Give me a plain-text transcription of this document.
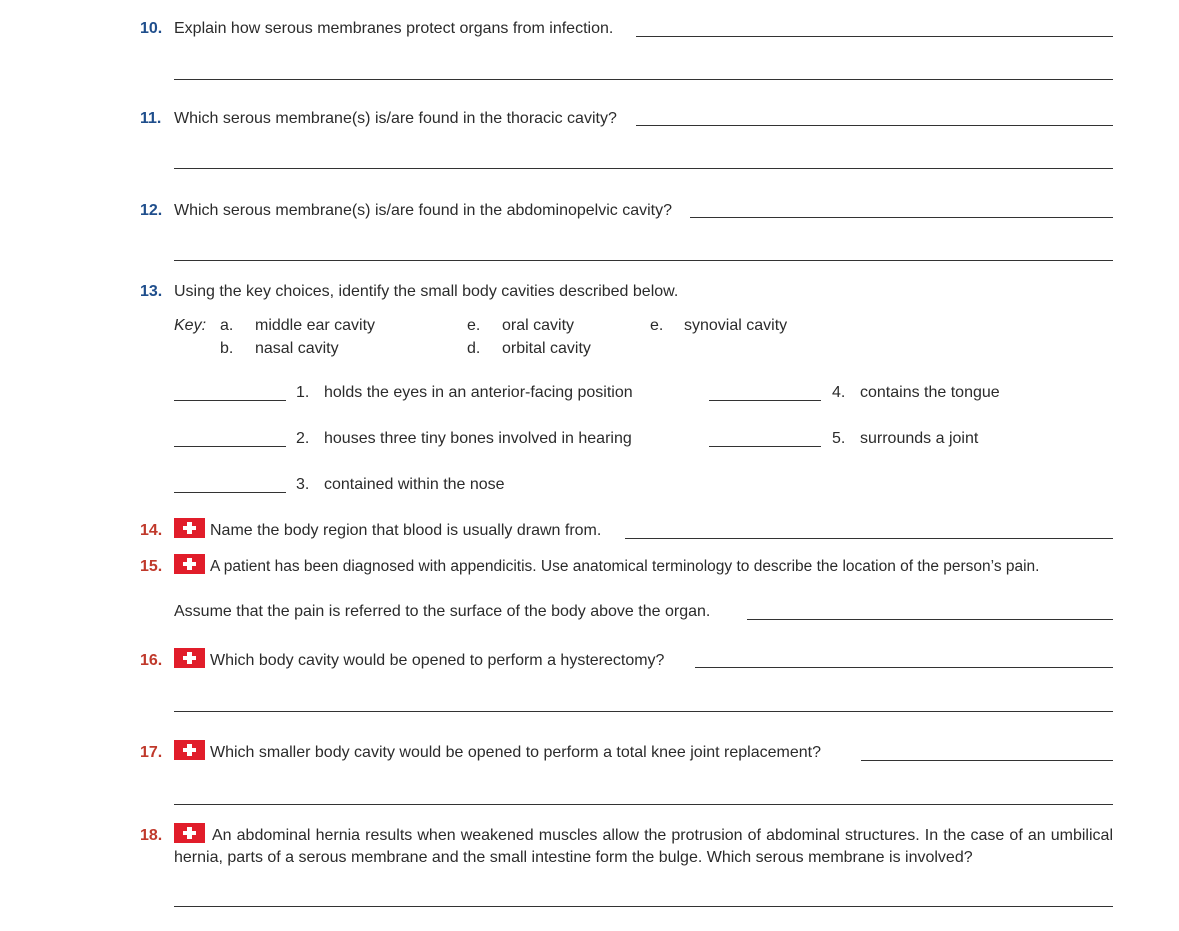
10. Explain how serous membranes protect organs from infection.
11. Which serous membrane(s) is/are found in the thoracic cavity?
12. Which serous membrane(s) is/are found in the abdominopelvic cavity?
13. Using the key choices, identify the small body cavities described below.
Key: a. middle ear cavity
b. nasal cavity
e. oral cavity
d. orbital cavity
e. synovial cavity
1. holds the eyes in an anterior-facing position
2. houses three tiny bones involved in hearing
3. contained within the nose
4. contains the tongue
5. surrounds a joint
14.	Name the body region that blood is usually drawn from.
15.	A patient has been diagnosed with appendicitis. Use anatomical terminology to describe the location of the person’s pain.
Assume that the pain is referred to the surface of the body above the organ.
16.	Which body cavity would be opened to perform a hysterectomy?
17.	Which smaller body cavity would be opened to perform a total knee joint replacement?
18.	An abdominal hernia results when weakened muscles allow the protrusion of abdominal structures. In the case of an umbilical hernia, parts of a serous membrane and the small intestine form the bulge. Which serous membrane is involved?
